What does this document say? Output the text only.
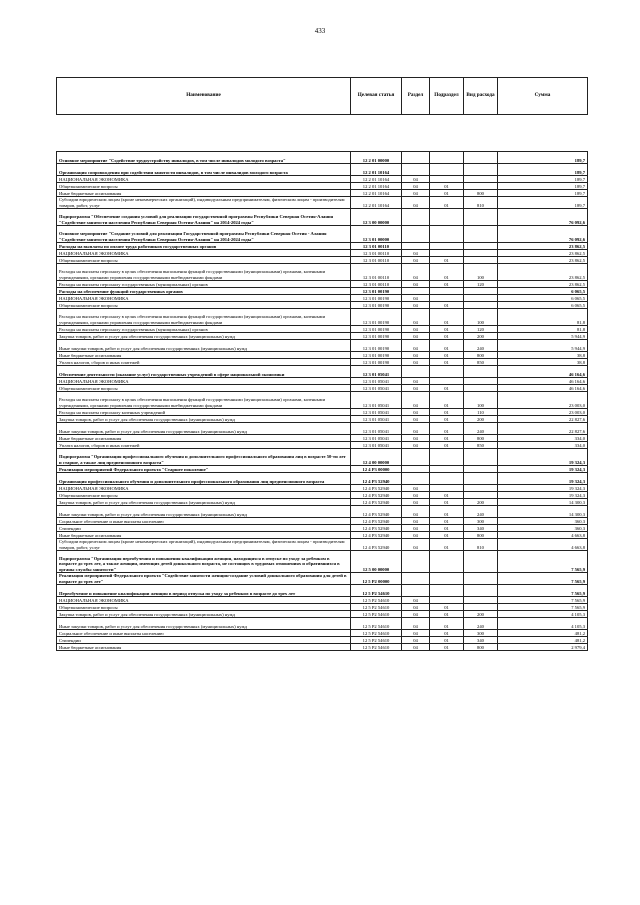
433
Наименование	Целевая статья	Раздел	Подраздел	Вид расхода	Сумма

Основное мероприятие "Содействие трудоустройству инвалидов, в том числе инвалидов молодого возраста"	12 2 01 00000				189,7
Организация сопровождения при содействии занятости инвалидов, в том числе инвалидов молодого возраста	12 2 01 10164				189,7
НАЦИОНАЛЬНАЯ ЭКОНОМИКА	12 2 01 10164	04			189,7
Общеэкономические вопросы	12 2 01 10164	04	01		189,7
Иные бюджетные ассигнования	12 2 01 10164	04	01	800	189,7
Субсидии юридическим лицам (кроме некоммерческих организаций), индивидуальным предпринимателям, физическим лицам - производителям товаров, работ, услуг	12 2 01 10164	04	01	810	189,7
Подпрограмма "Обеспечение создания условий для реализации государственной программы Республики Северная Осетия-Алания "Содействие занятости населения Республики Северная Осетия-Алания" на 2014-2024 годы"	12 3 00 00000				76 092,6
Основное мероприятие "Создание условий для реализации Государственной программы Республики Северная Осетия - Алания "Содействие занятости населения Республики Северная Осетия-Алания" на 2014-2024 годы"	12 3 01 00000				76 092,6
Расходы на выплаты по оплате труда работников государственных органов	12 3 01 00110				23 862,5
НАЦИОНАЛЬНАЯ ЭКОНОМИКА	12 3 01 00110	04			23 862,5
Общеэкономические вопросы	12 3 01 00110	04	01		23 862,5
Расходы на выплаты персоналу в целях обеспечения выполнения функций государственными (муниципальными) органами, казенными учреждениями, органами управления государственными внебюджетными фондами	12 3 01 00110	04	01	100	23 862,5
Расходы на выплаты персоналу государственных (муниципальных) органов	12 3 01 00110	04	01	120	23 862,5
Расходы на обеспечение функций государственных органов	12 3 01 00190				6 065,5
НАЦИОНАЛЬНАЯ ЭКОНОМИКА	12 3 01 00190	04			6 065,5
Общеэкономические вопросы	12 3 01 00190	04	01		6 065,5
Расходы на выплаты персоналу в целях обеспечения выполнения функций государственными (муниципальными) органами, казенными учреждениями, органами управления государственными внебюджетными фондами	12 3 01 00190	04	01	100	81,8
Расходы на выплаты персоналу государственных (муниципальных) органов	12 3 01 00190	04	01	120	81,8
Закупка товаров, работ и услуг для обеспечения государственных (муниципальных) нужд	12 3 01 00190	04	01	200	5 944,9
Иные закупки товаров, работ и услуг для обеспечения государственных (муниципальных) нужд	12 3 01 00190	04	01	240	5 944,9
Иные бюджетные ассигнования	12 3 01 00190	04	01	800	38,8
Уплата налогов, сборов и иных платежей	12 3 01 00190	04	01	850	38,8
Обеспечение деятельности (оказание услуг) государственных учреждений в сфере национальной экономики	12 3 01 05041				46 164,6
НАЦИОНАЛЬНАЯ ЭКОНОМИКА	12 3 01 05041	04			46 164,6
Общеэкономические вопросы	12 3 01 05041	04	01		46 164,6
Расходы на выплаты персоналу в целях обеспечения выполнения функций государственными (муниципальными) органами, казенными учреждениями, органами управления государственными внебюджетными фондами	12 3 01 05041	04	01	100	23 003,0
Расходы на выплаты персоналу казенных учреждений	12 3 01 05041	04	01	110	23 003,0
Закупка товаров, работ и услуг для обеспечения государственных (муниципальных) нужд	12 3 01 05041	04	01	200	22 827,6
Иные закупки товаров, работ и услуг для обеспечения государственных (муниципальных) нужд	12 3 01 05041	04	01	240	22 827,6
Иные бюджетные ассигнования	12 3 01 05041	04	01	800	334,0
Уплата налогов, сборов и иных платежей	12 3 01 05041	04	01	850	334,0
Подпрограмма "Организация профессионального обучения и дополнительного профессионального образования лиц в возрасте 50-ти лет и старше, а также лиц предпенсионного возраста"	12 4 00 00000				19 324,3
Реализация мероприятий Федерального проекта "Старшее поколение"	12 4 P3 00000				19 324,3
Организация профессионального обучения и дополнительного профессионального образования лиц предпенсионного возраста	12 4 P3 52940				19 324,3
НАЦИОНАЛЬНАЯ ЭКОНОМИКА	12 4 P3 52940	04			19 324,3
Общеэкономические вопросы	12 4 P3 52940	04	01		19 324,3
Закупка товаров, работ и услуг для обеспечения государственных (муниципальных) нужд	12 4 P3 52940	04	01	200	14 300,3
Иные закупки товаров, работ и услуг для обеспечения государственных (муниципальных) нужд	12 4 P3 52940	04	01	240	14 300,3
Социальное обеспечение и иные выплаты населению	12 4 P3 52940	04	01	300	360,3
Стипендии	12 4 P3 52940	04	01	340	360,3
Иные бюджетные ассигнования	12 4 P3 52940	04	01	800	4 663,8
Субсидии юридическим лицам (кроме некоммерческих организаций), индивидуальным предпринимателям, физическим лицам - производителям товаров, работ, услуг	12 4 P3 52940	04	01	810	4 663,8
Подпрограмма "Организация переобучения и повышения квалификации женщин, находящихся в отпуске по уходу за ребенком в возрасте до трех лет, а также женщин, имеющих детей дошкольного возраста, не состоящих в трудовых отношениях и обратившихся в органы службы занятости"	12 5 00 00000				7 565,9
Реализация мероприятий Федерального проекта "Содействие занятости женщин-создание условий дошкольного образования для детей в возрасте до трех лет"	12 5 P2 00000				7 565,9
Переобучение и повышение квалификации женщин в период отпуска по уходу за ребенком в возрасте до трех лет	12 5 P2 54610				7 565,9
НАЦИОНАЛЬНАЯ ЭКОНОМИКА	12 5 P2 54610	04			7 565,9
Общеэкономические вопросы	12 5 P2 54610	04	01		7 565,9
Закупка товаров, работ и услуг для обеспечения государственных (муниципальных) нужд	12 5 P2 54610	04	01	200	4 105,3
Иные закупки товаров, работ и услуг для обеспечения государственных (муниципальных) нужд	12 5 P2 54610	04	01	240	4 105,3
Социальное обеспечение и иные выплаты населению	12 5 P2 54610	04	01	300	481,2
Стипендии	12 5 P2 54610	04	01	340	481,2
Иные бюджетные ассигнования	12 5 P2 54610	04	01	800	2 979,4
